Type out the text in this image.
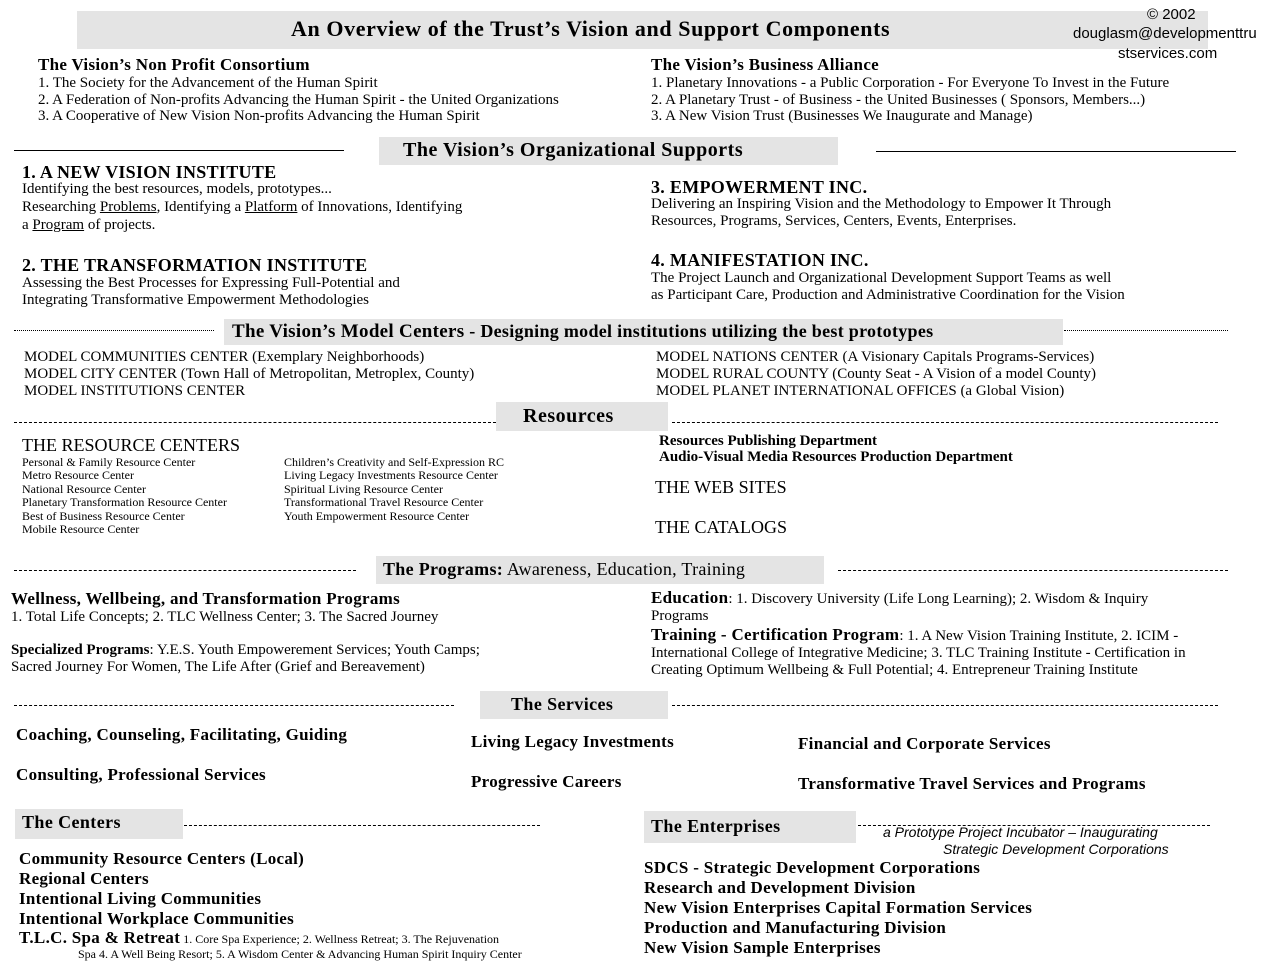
An Overview of the Trust’s Vision and Support Components
© 2002
douglasm@developmenttru
stservices.com
The Vision’s Non Profit Consortium
1. The Society for the Advancement of the Human Spirit
2. A Federation of Non-profits Advancing the Human Spirit - the United Organizations
3. A Cooperative of New Vision Non-profits Advancing the Human Spirit
The Vision’s Business Alliance
1. Planetary Innovations - a Public Corporation - For Everyone To Invest in the Future
2. A Planetary Trust - of Business - the United Businesses ( Sponsors, Members...)
3. A New Vision Trust (Businesses We Inaugurate and Manage)
The Vision’s Organizational Supports
1. A NEW VISION INSTITUTE
Identifying the best resources, models, prototypes...
Researching Problems, Identifying a Platform of Innovations, Identifying
a Program of projects.
2. THE TRANSFORMATION INSTITUTE
Assessing the Best Processes for Expressing Full-Potential and
Integrating Transformative Empowerment Methodologies
3. EMPOWERMENT INC.
Delivering an Inspiring Vision and the Methodology to Empower It Through
Resources, Programs, Services, Centers, Events, Enterprises.
4. MANIFESTATION INC.
The Project Launch and Organizational Development Support Teams as well
as Participant Care, Production and Administrative Coordination for the Vision
The Vision’s Model Centers - Designing model institutions utilizing the best prototypes
MODEL COMMUNITIES CENTER (Exemplary Neighborhoods)
MODEL CITY CENTER (Town Hall of Metropolitan, Metroplex, County)
MODEL INSTITUTIONS CENTER
MODEL NATIONS CENTER (A Visionary Capitals Programs-Services)
MODEL RURAL COUNTY (County Seat - A Vision of a model County)
MODEL PLANET INTERNATIONAL OFFICES (a Global Vision)
Resources
THE RESOURCE CENTERS
Personal & Family Resource Center
Metro Resource Center
National Resource Center
Planetary Transformation Resource Center
Best of Business Resource Center
Mobile Resource Center
Children’s Creativity and Self-Expression RC
Living Legacy Investments Resource Center
Spiritual Living Resource Center
Transformational Travel Resource Center
Youth Empowerment Resource Center
Resources Publishing Department
Audio-Visual Media Resources Production Department
THE WEB SITES
THE CATALOGS
The Programs: Awareness, Education, Training
Wellness, Wellbeing, and Transformation Programs
1. Total Life Concepts; 2. TLC Wellness Center; 3. The Sacred Journey
Specialized Programs: Y.E.S. Youth Empowerement Services; Youth Camps;
Sacred Journey For Women, The Life After (Grief and Bereavement)
Education: 1. Discovery University (Life Long Learning); 2. Wisdom & Inquiry
Programs
Training - Certification Program: 1. A New Vision Training Institute, 2. ICIM -
International College of Integrative Medicine; 3. TLC Training Institute - Certification in
Creating Optimum Wellbeing & Full Potential; 4. Entrepreneur Training Institute
The Services
Coaching, Counseling, Facilitating, Guiding
Consulting, Professional Services
Living Legacy Investments
Progressive Careers
Financial and Corporate Services
Transformative Travel Services and Programs
The Centers
Community Resource Centers (Local)
Regional Centers
Intentional Living Communities
Intentional Workplace Communities
T.L.C. Spa & Retreat 1. Core Spa Experience; 2. Wellness Retreat; 3. The Rejuvenation
Spa 4. A Well Being Resort; 5. A Wisdom Center & Advancing Human Spirit Inquiry Center
The Enterprises	a Prototype Project Incubator – Inaugurating
Strategic Development Corporations
SDCS - Strategic Development Corporations
Research and Development Division
New Vision Enterprises Capital Formation Services
Production and Manufacturing Division
New Vision Sample Enterprises
